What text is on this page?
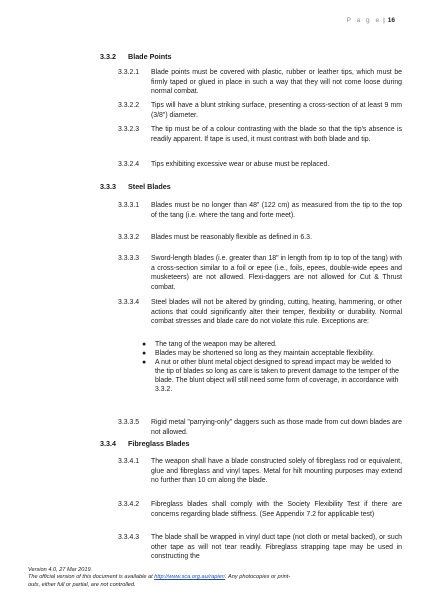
P a g e | 16
3.3.2 Blade Points
3.3.2.1 Blade points must be covered with plastic, rubber or leather tips, which must be firmly taped or glued in place in such a way that they will not come loose during normal combat.
3.3.2.2 Tips will have a blunt striking surface, presenting a cross-section of at least 9 mm (3/8") diameter.
3.3.2.3 The tip must be of a colour contrasting with the blade so that the tip's absence is readily apparent. If tape is used, it must contrast with both blade and tip.
3.3.2.4 Tips exhibiting excessive wear or abuse must be replaced.
3.3.3 Steel Blades
3.3.3.1 Blades must be no longer than 48" (122 cm) as measured from the tip to the top of the tang (i.e. where the tang and forte meet).
3.3.3.2 Blades must be reasonably flexible as defined in 6.3.
3.3.3.3 Sword-length blades (i.e. greater than 18" in length from tip to top of the tang) with a cross-section similar to a foil or epee (i.e., foils, epees, double-wide epees and musketeers) are not allowed. Flexi-daggers are not allowed for Cut & Thrust combat.
3.3.3.4 Steel blades will not be altered by grinding, cutting, heating, hammering, or other actions that could significantly alter their temper, flexibility or durability. Normal combat stresses and blade care do not violate this rule. Exceptions are:

● The tang of the weapon may be altered.

● Blades may be shortened so long as they maintain acceptable flexibility.

● A nut or other blunt metal object designed to spread impact may be welded to the tip of blades so long as care is taken to prevent damage to the temper of the blade. The blunt object will still need some form of coverage, in accordance with 3.3.2.

3.3.3.5 Rigid metal "parrying-only" daggers such as those made from cut down blades are not allowed.
3.3.4 Fibreglass Blades
3.3.4.1 The weapon shall have a blade constructed solely of fibreglass rod or equivalent, glue and fibreglass and vinyl tapes. Metal for hilt mounting purposes may extend no further than 10 cm along the blade.
3.3.4.2 Fibreglass blades shall comply with the Society Flexibility Test if there are concerns regarding blade stiffness. (See Appendix 7.2 for applicable test)
3.3.4.3 The blade shall be wrapped in vinyl duct tape (not cloth or metal backed), or such other tape as will not tear readily. Fibreglass strapping tape may be used in constructing the
Version 4.0, 27 Mar 2019.
The official version of this document is available at http://www.sca.org.au/rapier/. Any photocopies or print-
outs, either full or partial, are not controlled.
